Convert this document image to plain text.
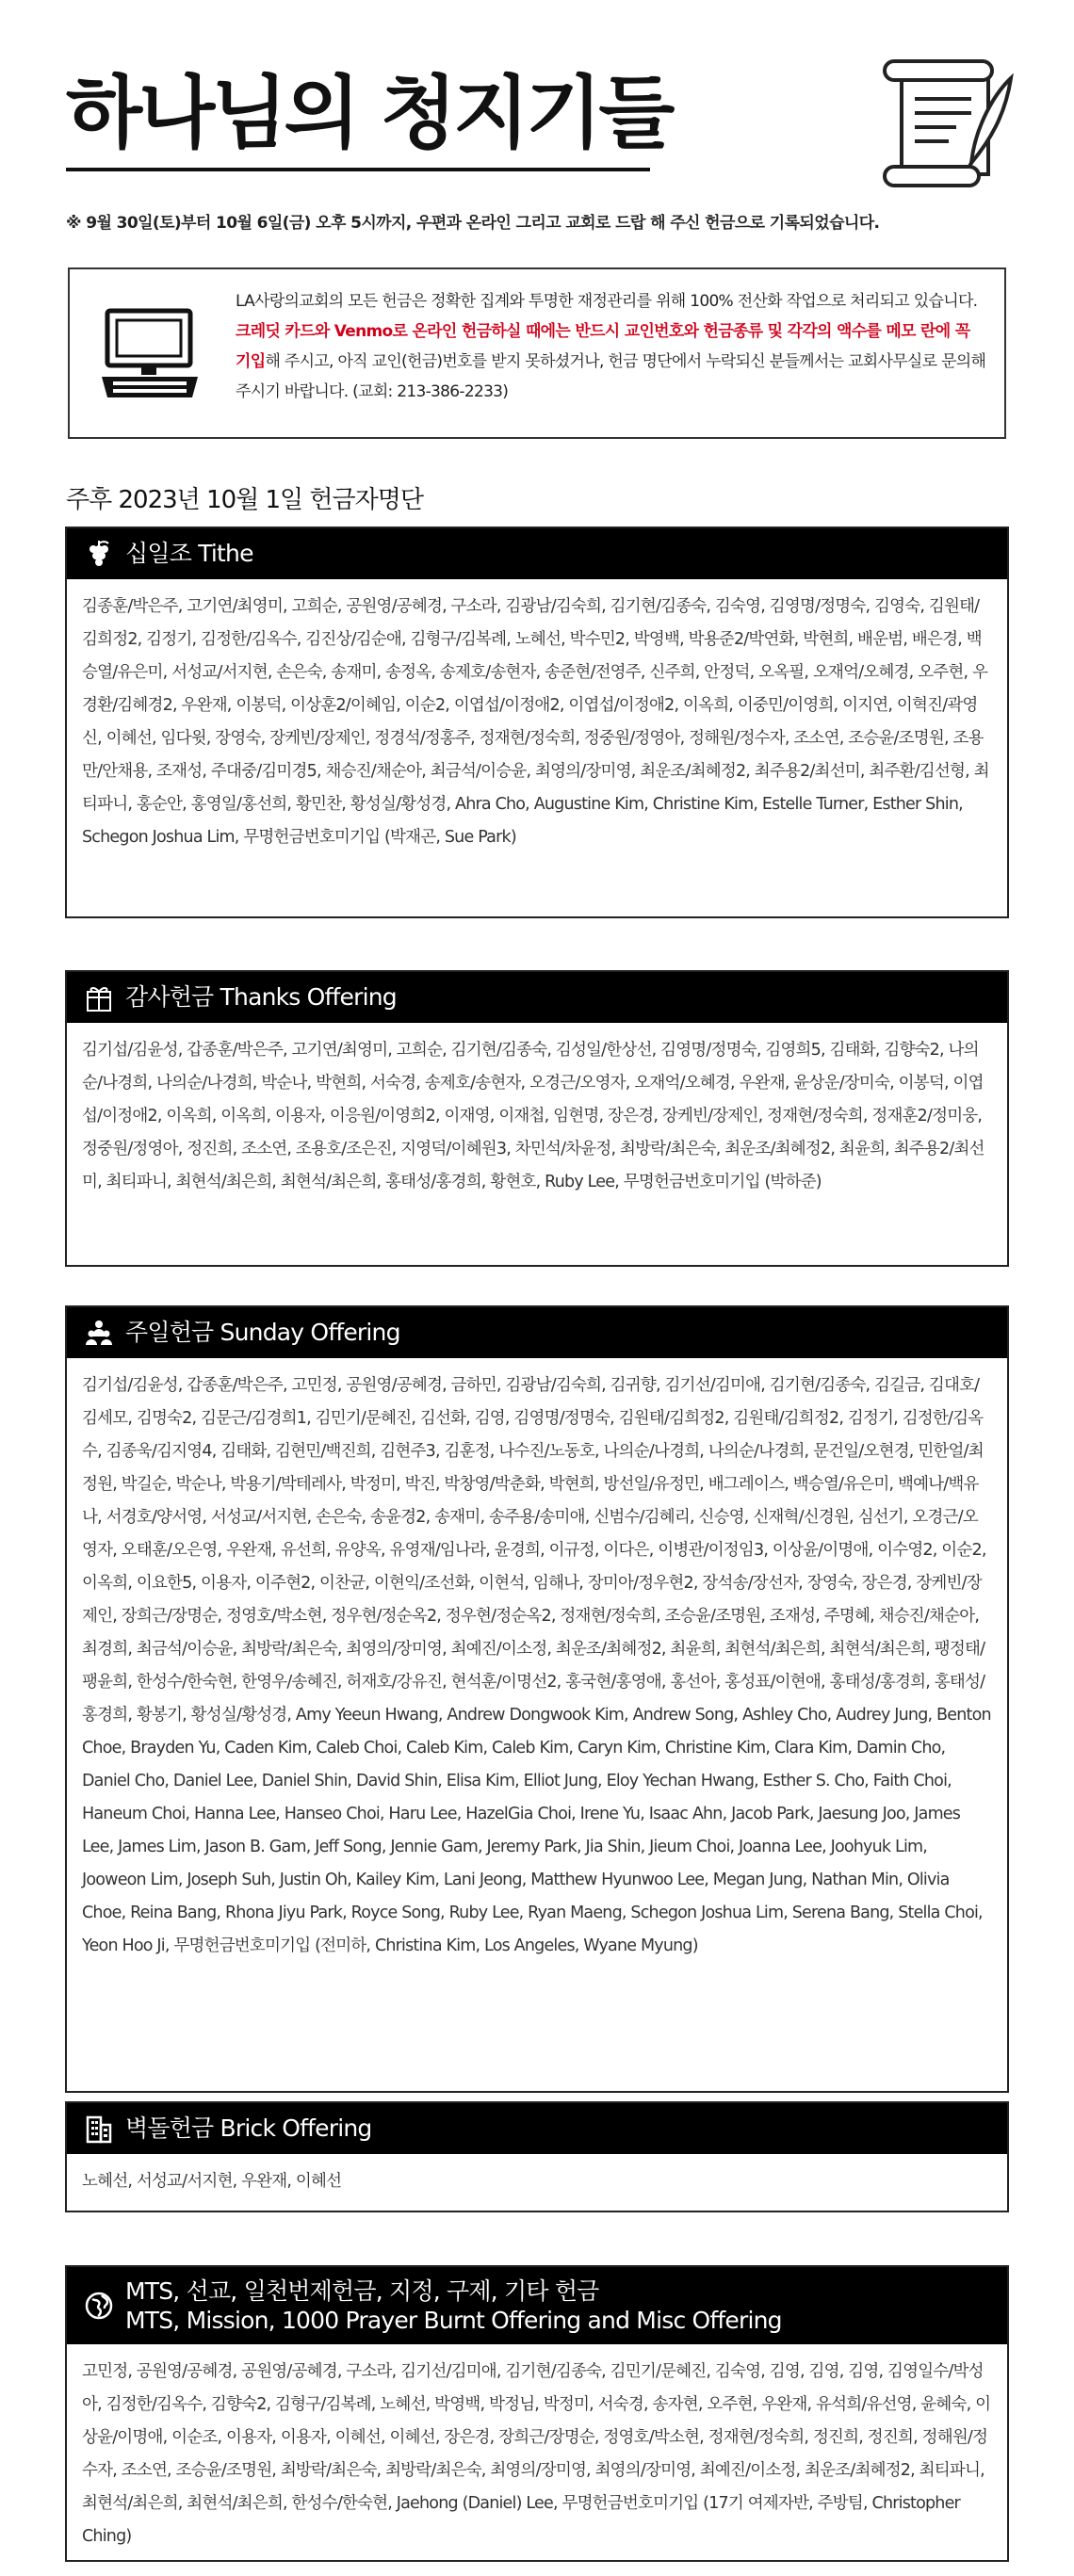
하나님의 청지기들
※ 9월 30일(토)부터 10월 6일(금) 오후 5시까지, 우편과 온라인 그리고 교회로 드랍 해 주신 헌금으로 기록되었습니다.
LA사랑의교회의 모든 헌금은 정확한 집계와 투명한 재정관리를 위해 100% 전산화 작업으로 처리되고 있습니다. 크레딧 카드와 Venmo로 온라인 헌금하실 때에는 반드시 교인번호와 헌금종류 및 각각의 액수를 메모 란에 꼭 기입해 주시고, 아직 교인(헌금)번호를 받지 못하셨거나, 헌금 명단에서 누락되신 분들께서는 교회사무실로 문의해 주시기 바랍니다. (교회: 213-386-2233)
주후 2023년 10월 1일 헌금자명단
십일조 Tithe
김종훈/박은주, 고기연/최영미, 고희순, 공원영/공혜경, 구소라, 김광남/김숙희, 김기현/김종숙, 김숙영, 김영명/정명숙, 김영숙, 김원태/김희정2, 김정기, 김정한/김옥수, 김진상/김순애, 김형구/김복례, 노혜선, 박수민2, 박영백, 박용준2/박연화, 박현희, 배운범, 배은경, 백승열/유은미, 서성교/서지현, 손은숙, 송재미, 송정옥, 송제호/송현자, 송준현/전영주, 신주희, 안정덕, 오옥필, 오재억/오혜경, 오주현, 우경환/김혜경2, 우완재, 이봉덕, 이상훈2/이혜임, 이순2, 이엽섭/이정애2, 이엽섭/이정애2, 이옥희, 이중민/이영희, 이지연, 이혁진/곽영신, 이혜선, 임다윗, 장영숙, 장케빈/장제인, 정경석/정홍주, 정재현/정숙희, 정중원/정영아, 정해원/정수자, 조소연, 조승윤/조명원, 조용만/안채용, 조재성, 주대중/김미경5, 채승진/채순아, 최금석/이승윤, 최영의/장미영, 최운조/최혜정2, 최주용2/최선미, 최주환/김선형, 최티파니, 홍순안, 홍영일/홍선희, 황민찬, 황성실/황성경, Ahra Cho, Augustine Kim, Christine Kim, Estelle Turner, Esther Shin, Schegon Joshua Lim, 무명헌금번호미기입 (박재곤, Sue Park)
감사헌금 Thanks Offering
김기섭/김윤성, 갑종훈/박은주, 고기연/최영미, 고희순, 김기현/김종숙, 김성일/한상선, 김영명/정명숙, 김영희5, 김태화, 김향숙2, 나의순/나경희, 나의순/나경희, 박순나, 박현희, 서숙경, 송제호/송현자, 오경근/오영자, 오재억/오혜경, 우완재, 윤상운/장미숙, 이봉덕, 이엽섭/이정애2, 이옥희, 이옥희, 이용자, 이응원/이영희2, 이재영, 이재첩, 임현명, 장은경, 장케빈/장제인, 정재현/정숙희, 정재훈2/정미웅, 정중원/정영아, 정진희, 조소연, 조용호/조은진, 지영덕/이혜원3, 차민석/차윤정, 최방락/최은숙, 최운조/최혜정2, 최윤희, 최주용2/최선미, 최티파니, 최현석/최은희, 최현석/최은희, 홍태성/홍경희, 황현호, Ruby Lee, 무명헌금번호미기입 (박하준)
주일헌금 Sunday Offering
김기섭/김윤성, 갑종훈/박은주, 고민정, 공원영/공혜경, 금하민, 김광남/김숙희, 김귀향, 김기선/김미애, 김기현/김종숙, 김길금, 김대호/김세모, 김명숙2, 김문근/김경희1, 김민기/문혜진, 김선화, 김영, 김영명/정명숙, 김원태/김희정2, 김원태/김희정2, 김정기, 김정한/김옥수, 김종욱/김지영4, 김태화, 김현민/백진희, 김현주3, 김훈정, 나수진/노동호, 나의순/나경희, 나의순/나경희, 문건일/오현경, 민한얼/최정원, 박길순, 박순나, 박용기/박테레사, 박정미, 박진, 박창영/박춘화, 박현희, 방선일/유정민, 배그레이스, 백승열/유은미, 백예나/백유나, 서경호/양서영, 서성교/서지현, 손은숙, 송윤경2, 송재미, 송주용/송미애, 신범수/김혜리, 신승영, 신재혁/신경원, 심선기, 오경근/오영자, 오태훈/오은영, 우완재, 유선희, 유양옥, 유영재/임나라, 윤경희, 이규정, 이다은, 이병관/이정임3, 이상윤/이명애, 이수영2, 이순2, 이옥희, 이요한5, 이용자, 이주현2, 이찬균, 이현익/조선화, 이현석, 임해나, 장미아/정우현2, 장석송/장선자, 장영숙, 장은경, 장케빈/장제인, 장희근/장명순, 정영호/박소현, 정우현/정순옥2, 정우현/정순옥2, 정재현/정숙희, 조승윤/조명원, 조재성, 주명혜, 채승진/채순아, 최경희, 최금석/이승윤, 최방락/최은숙, 최영의/장미영, 최예진/이소정, 최운조/최혜정2, 최윤희, 최현석/최은희, 최현석/최은희, 팽정태/팽윤희, 한성수/한숙현, 한영우/송혜진, 허재호/강유진, 현석훈/이명선2, 홍국현/홍영애, 홍선아, 홍성표/이현애, 홍태성/홍경희, 홍태성/홍경희, 황봉기, 황성실/황성경, Amy Yeeun Hwang, Andrew Dongwook Kim, Andrew Song, Ashley Cho, Audrey Jung, Benton Choe, Brayden Yu, Caden Kim, Caleb Choi, Caleb Kim, Caleb Kim, Caryn Kim, Christine Kim, Clara Kim, Damin Cho, Daniel Cho, Daniel Lee, Daniel Shin, David Shin, Elisa Kim, Elliot Jung, Eloy Yechan Hwang, Esther S. Cho, Faith Choi, Haneum Choi, Hanna Lee, Hanseo Choi, Haru Lee, HazelGia Choi, Irene Yu, Isaac Ahn, Jacob Park, Jaesung Joo, James Lee, James Lim, Jason B. Gam, Jeff Song, Jennie Gam, Jeremy Park, Jia Shin, Jieum Choi, Joanna Lee, Joohyuk Lim, Jooweon Lim, Joseph Suh, Justin Oh, Kailey Kim, Lani Jeong, Matthew Hyunwoo Lee, Megan Jung, Nathan Min, Olivia Choe, Reina Bang, Rhona Jiyu Park, Royce Song, Ruby Lee, Ryan Maeng, Schegon Joshua Lim, Serena Bang, Stella Choi, Yeon Hoo Ji, 무명헌금번호미기입 (전미하, Christina Kim, Los Angeles, Wyane Myung)
벽돌헌금 Brick Offering
노혜선, 서성교/서지현, 우완재, 이혜선
MTS, 선교, 일천번제헌금, 지정, 구제, 기타 헌금
MTS, Mission, 1000 Prayer Burnt Offering and Misc Offering
고민정, 공원영/공혜경, 공원영/공혜경, 구소라, 김기선/김미애, 김기현/김종숙, 김민기/문혜진, 김숙영, 김영, 김영, 김영, 김영일수/박성아, 김정한/김옥수, 김향숙2, 김형구/김복례, 노혜선, 박영백, 박정님, 박정미, 서숙경, 송자현, 오주현, 우완재, 유석희/유선영, 윤혜숙, 이상윤/이명애, 이순조, 이용자, 이용자, 이혜선, 이혜선, 장은경, 장희근/장명순, 정영호/박소현, 정재현/정숙희, 정진희, 정진희, 정해원/정수자, 조소연, 조승윤/조명원, 최방락/최은숙, 최방락/최은숙, 최영의/장미영, 최영의/장미영, 최예진/이소정, 최운조/최혜정2, 최티파니, 최현석/최은희, 최현석/최은희, 한성수/한숙현, Jaehong (Daniel) Lee, 무명헌금번호미기입 (17기 여제자반, 주방팀, Christopher Ching)
